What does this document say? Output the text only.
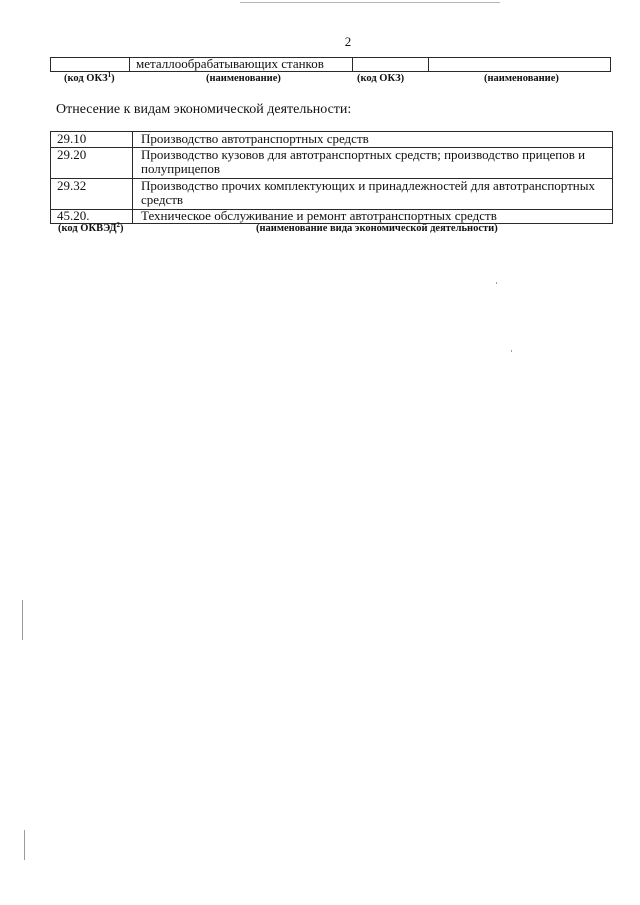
2
	металлообрабатывающих станков		
(код ОКЗ$^1$)	(наименование)	(код ОКЗ)	(наименование)
Отнесение к видам экономической деятельности:
29.10	Производство автотранспортных средств
29.20	Производство кузовов для автотранспортных средств; производство прицепов и полуприцепов
29.32	Производство прочих комплектующих и принадлежностей для автотранспортных средств
45.20.	Техническое обслуживание и ремонт автотранспортных средств
(код ОКВЭД$^2$)	(наименование вида экономической деятельности)
